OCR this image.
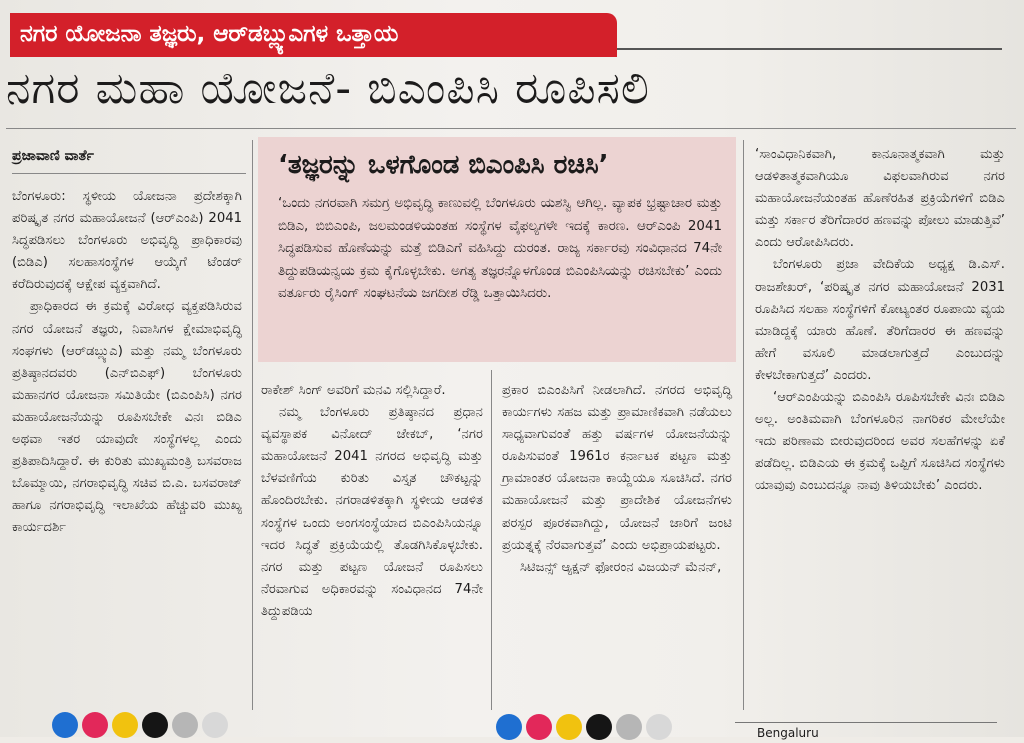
ನಗರ ಯೋಜನಾ ತಜ್ಞರು, ಆರ್‌ಡಬ್ಲ್ಯುಎಗಳ ಒತ್ತಾಯ
ನಗರ ಮಹಾ ಯೋಜನೆ- ಬಿಎಂಪಿಸಿ ರೂಪಿಸಲಿ
ಪ್ರಜಾವಾಣಿ ವಾರ್ತೆ

ಬೆಂಗಳೂರು: ಸ್ಥಳೀಯ ಯೋಜನಾ ಪ್ರದೇಶಕ್ಕಾಗಿ ಪರಿಷ್ಕೃತ ನಗರ ಮಹಾಯೋಜನೆ (ಆರ್‌ಎಂಪಿ) 2041 ಸಿದ್ಧಪಡಿಸಲು ಬೆಂಗಳೂರು ಅಭಿವೃದ್ಧಿ ಪ್ರಾಧಿಕಾರವು (ಬಿಡಿಎ) ಸಲಹಾಸಂಸ್ಥೆಗಳ ಆಯ್ಕೆಗೆ ಟೆಂಡರ್ ಕರೆದಿರುವುದಕ್ಕೆ ಆಕ್ಷೇಪ ವ್ಯಕ್ತವಾಗಿದೆ.

ಪ್ರಾಧಿಕಾರದ ಈ ಕ್ರಮಕ್ಕೆ ವಿರೋಧ ವ್ಯಕ್ತಪಡಿಸಿರುವ ನಗರ ಯೋಜನೆ ತಜ್ಞರು, ನಿವಾಸಿಗಳ ಕ್ಷೇಮಾಭಿವೃದ್ಧಿ ಸಂಘಗಳು (ಆರ್‌ಡಬ್ಲ್ಯುಎ) ಮತ್ತು ನಮ್ಮ ಬೆಂಗಳೂರು ಪ್ರತಿಷ್ಠಾನದವರು (ಎನ್‌ಬಿಎಫ್) ಬೆಂಗಳೂರು ಮಹಾನಗರ ಯೋಜನಾ ಸಮಿತಿಯೇ (ಬಿಎಂಪಿಸಿ) ನಗರ ಮಹಾಯೋಜನೆಯನ್ನು ರೂಪಿಸಬೇಕೇ ವಿನಃ ಬಿಡಿಎ ಅಥವಾ ಇತರ ಯಾವುದೇ ಸಂಸ್ಥೆಗಳಲ್ಲ ಎಂದು ಪ್ರತಿಪಾದಿಸಿದ್ದಾರೆ. ಈ ಕುರಿತು ಮುಖ್ಯಮಂತ್ರಿ ಬಸವರಾಜ ಬೊಮ್ಮಾಯಿ, ನಗರಾಭಿವೃದ್ಧಿ ಸಚಿವ ಬಿ.ಎ. ಬಸವರಾಜ್ ಹಾಗೂ ನಗರಾಭಿವೃದ್ಧಿ ಇಲಾಖೆಯ ಹೆಚ್ಚುವರಿ ಮುಖ್ಯ ಕಾರ್ಯದರ್ಶಿ

‘ತಜ್ಞರನ್ನು ಒಳಗೊಂಡ ಬಿಎಂಪಿಸಿ ರಚಿಸಿ’
‘ಒಂದು ನಗರವಾಗಿ ಸಮಗ್ರ ಅಭಿವೃದ್ಧಿ ಕಾಣುವಲ್ಲಿ ಬೆಂಗಳೂರು ಯಶಸ್ವಿ ಆಗಿಲ್ಲ. ವ್ಯಾಪಕ ಭ್ರಷ್ಟಾಚಾರ ಮತ್ತು ಬಿಡಿಎ, ಬಿಬಿಎಂಪಿ, ಜಲಮಂಡಳಿಯಂತಹ ಸಂಸ್ಥೆಗಳ ವೈಫಲ್ಯಗಳೇ ಇದಕ್ಕೆ ಕಾರಣ. ಆರ್‌ಎಂಪಿ 2041 ಸಿದ್ಧಪಡಿಸುವ ಹೊಣೆಯನ್ನು ಮತ್ತೆ ಬಿಡಿಎಗೆ ವಹಿಸಿದ್ದು ದುರಂತ. ರಾಜ್ಯ ಸರ್ಕಾರವು ಸಂವಿಧಾನದ 74ನೇ ತಿದ್ದುಪಡಿಯನ್ವಯ ಕ್ರಮ ಕೈಗೊಳ್ಳಬೇಕು. ಅಗತ್ಯ ತಜ್ಞರನ್ನೊಳಗೊಂಡ ಬಿಎಂಪಿಸಿಯನ್ನು ರಚಿಸಬೇಕು’ ಎಂದು ವರ್ತೂರು ರೈಸಿಂಗ್ ಸಂಘಟನೆಯ ಜಗದೀಶ ರೆಡ್ಡಿ ಒತ್ತಾಯಿಸಿದರು.

ರಾಕೇಶ್ ಸಿಂಗ್ ಅವರಿಗೆ ಮನವಿ ಸಲ್ಲಿಸಿದ್ದಾರೆ.

ನಮ್ಮ ಬೆಂಗಳೂರು ಪ್ರತಿಷ್ಠಾನದ ಪ್ರಧಾನ ವ್ಯವಸ್ಥಾಪಕ ವಿನೋದ್ ಜೇಕಬ್, ‘ನಗರ ಮಹಾಯೋಜನೆ 2041 ನಗರದ ಅಭಿವೃದ್ಧಿ ಮತ್ತು ಬೆಳವಣಿಗೆಯ ಕುರಿತು ವಿಸ್ತೃತ ಚೌಕಟ್ಟನ್ನು ಹೊಂದಿರಬೇಕು. ನಗರಾಡಳಿತಕ್ಕಾಗಿ ಸ್ಥಳೀಯ ಆಡಳಿತ ಸಂಸ್ಥೆಗಳ ಒಂದು ಅಂಗಸಂಸ್ಥೆಯಾದ ಬಿಎಂಪಿಸಿಯನ್ನೂ ಇದರ ಸಿದ್ಧತೆ ಪ್ರಕ್ರಿಯೆಯಲ್ಲಿ ತೊಡಗಿಸಿಕೊಳ್ಳಬೇಕು. ನಗರ ಮತ್ತು ಪಟ್ಟಣ ಯೋಜನೆ ರೂಪಿಸಲು ನೆರವಾಗುವ ಅಧಿಕಾರವನ್ನು ಸಂವಿಧಾನದ 74ನೇ ತಿದ್ದುಪಡಿಯ

ಪ್ರಕಾರ ಬಿಎಂಪಿಸಿಗೆ ನೀಡಲಾಗಿದೆ. ನಗರದ ಅಭಿವೃದ್ಧಿ ಕಾರ್ಯಗಳು ಸಹಜ ಮತ್ತು ಪ್ರಾಮಾಣಿಕವಾಗಿ ನಡೆಯಲು ಸಾಧ್ಯವಾಗುವಂತೆ ಹತ್ತು ವರ್ಷಗಳ ಯೋಜನೆಯನ್ನು ರೂಪಿಸುವಂತೆ 1961ರ ಕರ್ನಾಟಕ ಪಟ್ಟಣ ಮತ್ತು ಗ್ರಾಮಾಂತರ ಯೋಜನಾ ಕಾಯ್ದೆಯೂ ಸೂಚಿಸಿದೆ. ನಗರ ಮಹಾಯೋಜನೆ ಮತ್ತು ಪ್ರಾದೇಶಿಕ ಯೋಜನೆಗಳು ಪರಸ್ಪರ ಪೂರಕವಾಗಿದ್ದು, ಯೋಜನೆ ಜಾರಿಗೆ ಜಂಟಿ ಪ್ರಯತ್ನಕ್ಕೆ ನೆರವಾಗುತ್ತವೆ’ ಎಂದು ಅಭಿಪ್ರಾಯಪಟ್ಟರು.

ಸಿಟಿಜನ್ಸ್ ಆ್ಯಕ್ಷನ್ ಫೋರಂನ ವಿಜಯನ್ ಮೆನನ್,

‘ಸಾಂವಿಧಾನಿಕವಾಗಿ, ಕಾನೂನಾತ್ಮಕವಾಗಿ ಮತ್ತು ಆಡಳಿತಾತ್ಮಕವಾಗಿಯೂ ವಿಫಲವಾಗಿರುವ ನಗರ ಮಹಾಯೋಜನೆಯಂತಹ ಹೊಣೆರಹಿತ ಪ್ರಕ್ರಿಯೆಗಳಿಗೆ ಬಿಡಿಎ ಮತ್ತು ಸರ್ಕಾರ ತೆರಿಗೆದಾರರ ಹಣವನ್ನು ಪೋಲು ಮಾಡುತ್ತಿವೆ’ ಎಂದು ಆರೋಪಿಸಿದರು.

ಬೆಂಗಳೂರು ಪ್ರಜಾ ವೇದಿಕೆಯ ಅಧ್ಯಕ್ಷ ಡಿ.ಎಸ್. ರಾಜಶೇಖರ್, ‘ಪರಿಷ್ಕೃತ ನಗರ ಮಹಾಯೋಜನೆ 2031 ರೂಪಿಸಿದ ಸಲಹಾ ಸಂಸ್ಥೆಗಳಿಗೆ ಕೋಟ್ಯಂತರ ರೂಪಾಯಿ ವ್ಯಯ ಮಾಡಿದ್ದಕ್ಕೆ ಯಾರು ಹೊಣೆ. ತೆರಿಗೆದಾರರ ಈ ಹಣವನ್ನು ಹೇಗೆ ವಸೂಲಿ ಮಾಡಲಾಗುತ್ತದೆ ಎಂಬುದನ್ನು ಕೇಳಬೇಕಾಗುತ್ತದೆ’ ಎಂದರು.

‘ಆರ್‌ಎಂಪಿಯನ್ನು ಬಿಎಂಪಿಸಿ ರೂಪಿಸಬೇಕೇ ವಿನಃ ಬಿಡಿಎ ಅಲ್ಲ. ಅಂತಿಮವಾಗಿ ಬೆಂಗಳೂರಿನ ನಾಗರಿಕರ ಮೇಲೆಯೇ ಇದು ಪರಿಣಾಮ ಬೀರುವುದರಿಂದ ಅವರ ಸಲಹೆಗಳನ್ನು ಏಕೆ ಪಡೆದಿಲ್ಲ. ಬಿಡಿಎಯ ಈ ಕ್ರಮಕ್ಕೆ ಒಪ್ಪಿಗೆ ಸೂಚಿಸಿದ ಸಂಸ್ಥೆಗಳು ಯಾವುವು ಎಂಬುದನ್ನೂ ನಾವು ತಿಳಿಯಬೇಕು’ ಎಂದರು.

Bengaluru
